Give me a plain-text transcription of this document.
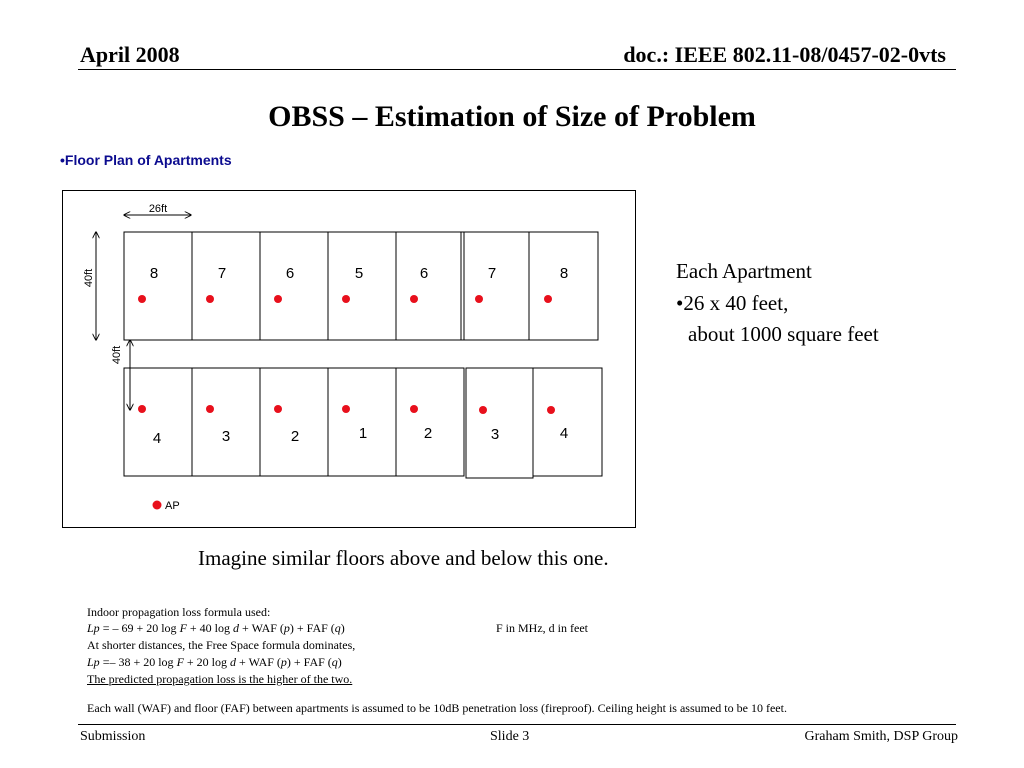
April 2008	doc.: IEEE 802.11-08/0457-02-0vts
OBSS – Estimation of Size of Problem
•Floor Plan of Apartments
26ft
40ft
40ft
8	7	6	5	6	7	8
4	3	2	1	2	3	4
AP
Each Apartment
•26 x 40 feet,
about 1000 square feet
Imagine similar floors above and below this one.
Indoor propagation loss formula used:
Lp = – 69 + 20 log F + 40 log d + WAF (p) + FAF (q)	F in MHz, d in feet
At shorter distances, the Free Space formula dominates,
Lp =– 38 + 20 log F + 20 log d + WAF (p) + FAF (q)
The predicted propagation loss is the higher of the two.
Each wall (WAF) and floor (FAF) between apartments is assumed to be 10dB penetration loss (fireproof). Ceiling height is assumed to be 10 feet.
Submission	Slide 3	Graham Smith, DSP Group
